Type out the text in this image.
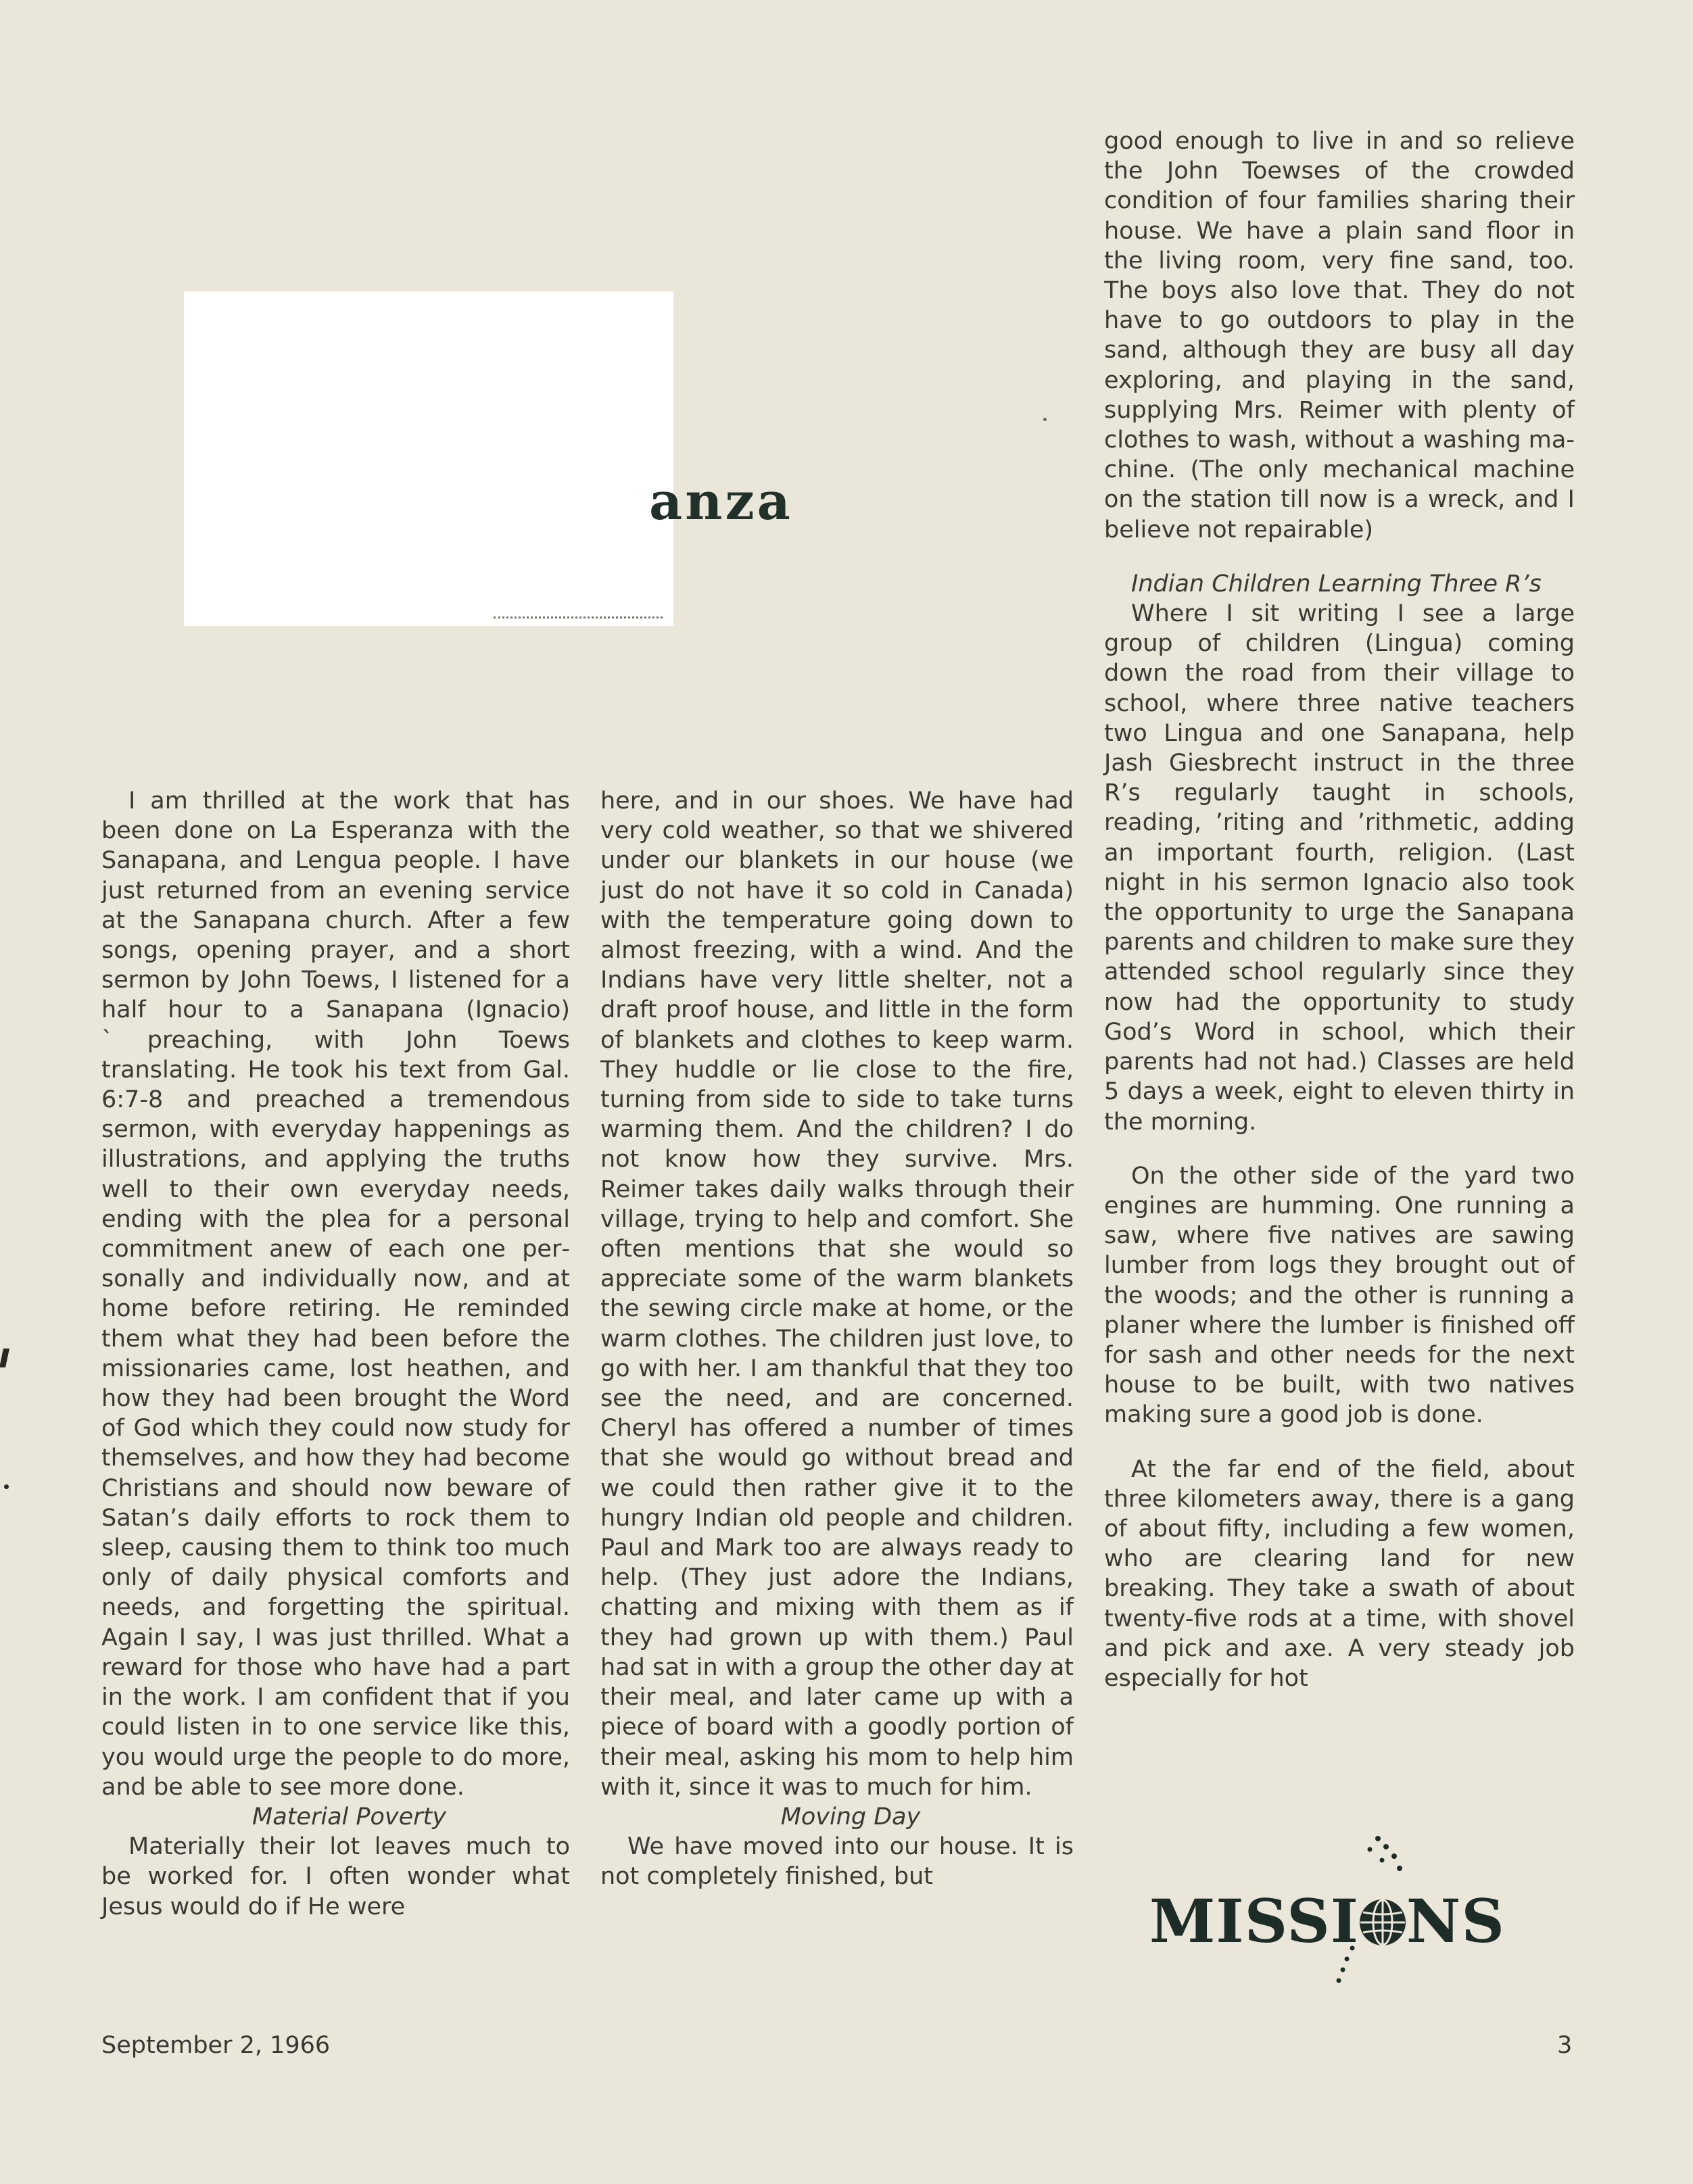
anza

I am thrilled at the work that has been done on La Esperanza with the Sanapana, and Lengua people. I have just returned from an evening service at the Sanapana church. After a few songs, opening prayer, and a short sermon by John Toews, I listened for a half hour to a Sanapana (Ignacio) ˋpreaching, with John Toews translating. He took his text from Gal. 6:7-8 and preached a tremendous sermon, with everyday happenings as illustrations, and applying the truths well to their own everyday needs, ending with the plea for a personal commitment anew of each one personally and individually now, and at home before retiring. He reminded them what they had been before the missionaries came, lost heathen, and how they had been brought the Word of God which they could now study for themselves, and how they had become Christians and should now beware of Satan’s daily efforts to rock them to sleep, causing them to think too much only of daily physical comforts and needs, and forgetting the spiritual. Again I say, I was just thrilled. What a reward for those who have had a part in the work. I am confident that if you could listen in to one service like this, you would urge the people to do more, and be able to see more done.

Material Poverty

Materially their lot leaves much to be worked for. I often wonder what Jesus would do if He were

here, and in our shoes. We have had very cold weather, so that we shivered under our blankets in our house (we just do not have it so cold in Canada) with the temperature going down to almost freezing, with a wind. And the Indians have very little shelter, not a draft proof house, and little in the form of blankets and clothes to keep warm. They huddle or lie close to the fire, turning from side to side to take turns warming them. And the children? I do not know how they survive. Mrs. Reimer takes daily walks through their village, trying to help and comfort. She often mentions that she would so appreciate some of the warm blankets the sewing circle make at home, or the warm clothes. The children just love, to go with her. I am thankful that they too see the need, and are concerned. Cheryl has offered a number of times that she would go without bread and we could then rather give it to the hungry Indian old people and children. Paul and Mark too are always ready to help. (They just adore the Indians, chatting and mixing with them as if they had grown up with them.) Paul had sat in with a group the other day at their meal, and later came up with a piece of board with a goodly portion of their meal, asking his mom to help him with it, since it was to much for him.

Moving Day

We have moved into our house. It is not completely finished, but

good enough to live in and so relieve the John Toewses of the crowded condition of four families sharing their house. We have a plain sand floor in the living room, very fine sand, too. The boys also love that. They do not have to go outdoors to play in the sand, although they are busy all day exploring, and playing in the sand, supplying Mrs. Reimer with plenty of clothes to wash, without a washing machine. (The only mechanical machine on the station till now is a wreck, and I believe not repairable)

Indian Children Learning Three R’s

Where I sit writing I see a large group of children (Lingua) coming down the road from their village to school, where three native teachers two Lingua and one Sanapana, help Jash Giesbrecht instruct in the three R’s regularly taught in schools, reading, ’riting and ’rithmetic, adding an important fourth, religion. (Last night in his sermon Ignacio also took the opportunity to urge the Sanapana parents and children to make sure they attended school regularly since they now had the opportunity to study God’s Word in school, which their parents had not had.) Classes are held 5 days a week, eight to eleven thirty in the morning.

On the other side of the yard two engines are humming. One running a saw, where five natives are sawing lumber from logs they brought out of the woods; and the other is running a planer where the lumber is finished off for sash and other needs for the next house to be built, with two natives making sure a good job is done.

At the far end of the field, about three kilometers away, there is a gang of about fifty, including a few women, who are clearing land for new breaking. They take a swath of about twenty-five rods at a time, with shovel and pick and axe. A very steady job especially for hot

MISSI NS
September 2, 1966	3
